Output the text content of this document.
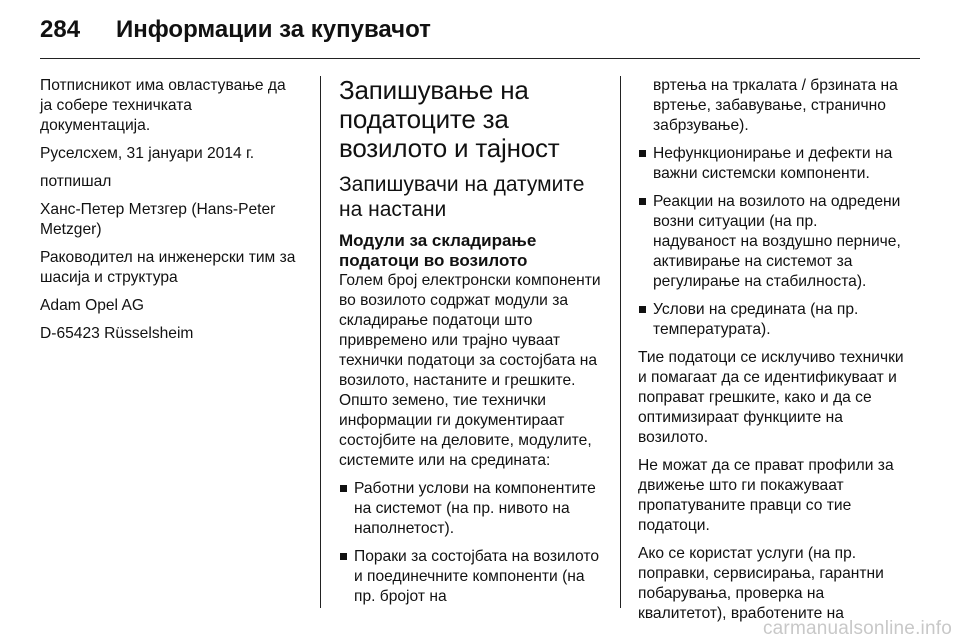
284 Информации за купувачот

Потписникот има овластување да ја собере техничката документација.

Руселсхем, 31 јануари 2014 г.

потпишал

Ханс-Петер Метзгер (Hans-Peter Metzger)

Раководител на инженерски тим за шасија и структура

Adam Opel AG

D-65423 Rüsselsheim

Запишување на податоците за возилото и тајност
Запишувачи на датумите на настани
Модули за складирање податоци во возилото

Голем број електронски компоненти во возилото содржат модули за складирање податоци што привремено или трајно чуваат технички податоци за состојбата на возилото, настаните и грешките. Општо земено, тие технички информации ги документираат состојбите на деловите, модулите, системите или на средината:

Работни услови на компонентите на системот (на пр. нивото на наполнетост).
Пораки за состојбата на возилото и поединечните компоненти (на пр. бројот на

вртења на тркалата / брзината на вртење, забавување, странично забрзување).

Нефункционирање и дефекти на важни системски компоненти.
Реакции на возилото на одредени возни ситуации (на пр. надуваност на воздушно перниче, активирање на системот за регулирање на стабилноста).
Услови на средината (на пр. температурата).

Тие податоци се исклучиво технички и помагаат да се идентификуваат и поправат грешките, како и да се оптимизираат функциите на возилото.

Не можат да се прават профили за движење што ги покажуваат пропатуваните правци со тие податоци.

Ако се користат услуги (на пр. поправки, сервисирања, гарантни побарувања, проверка на квалитетот), вработените на

carmanualsonline.info
